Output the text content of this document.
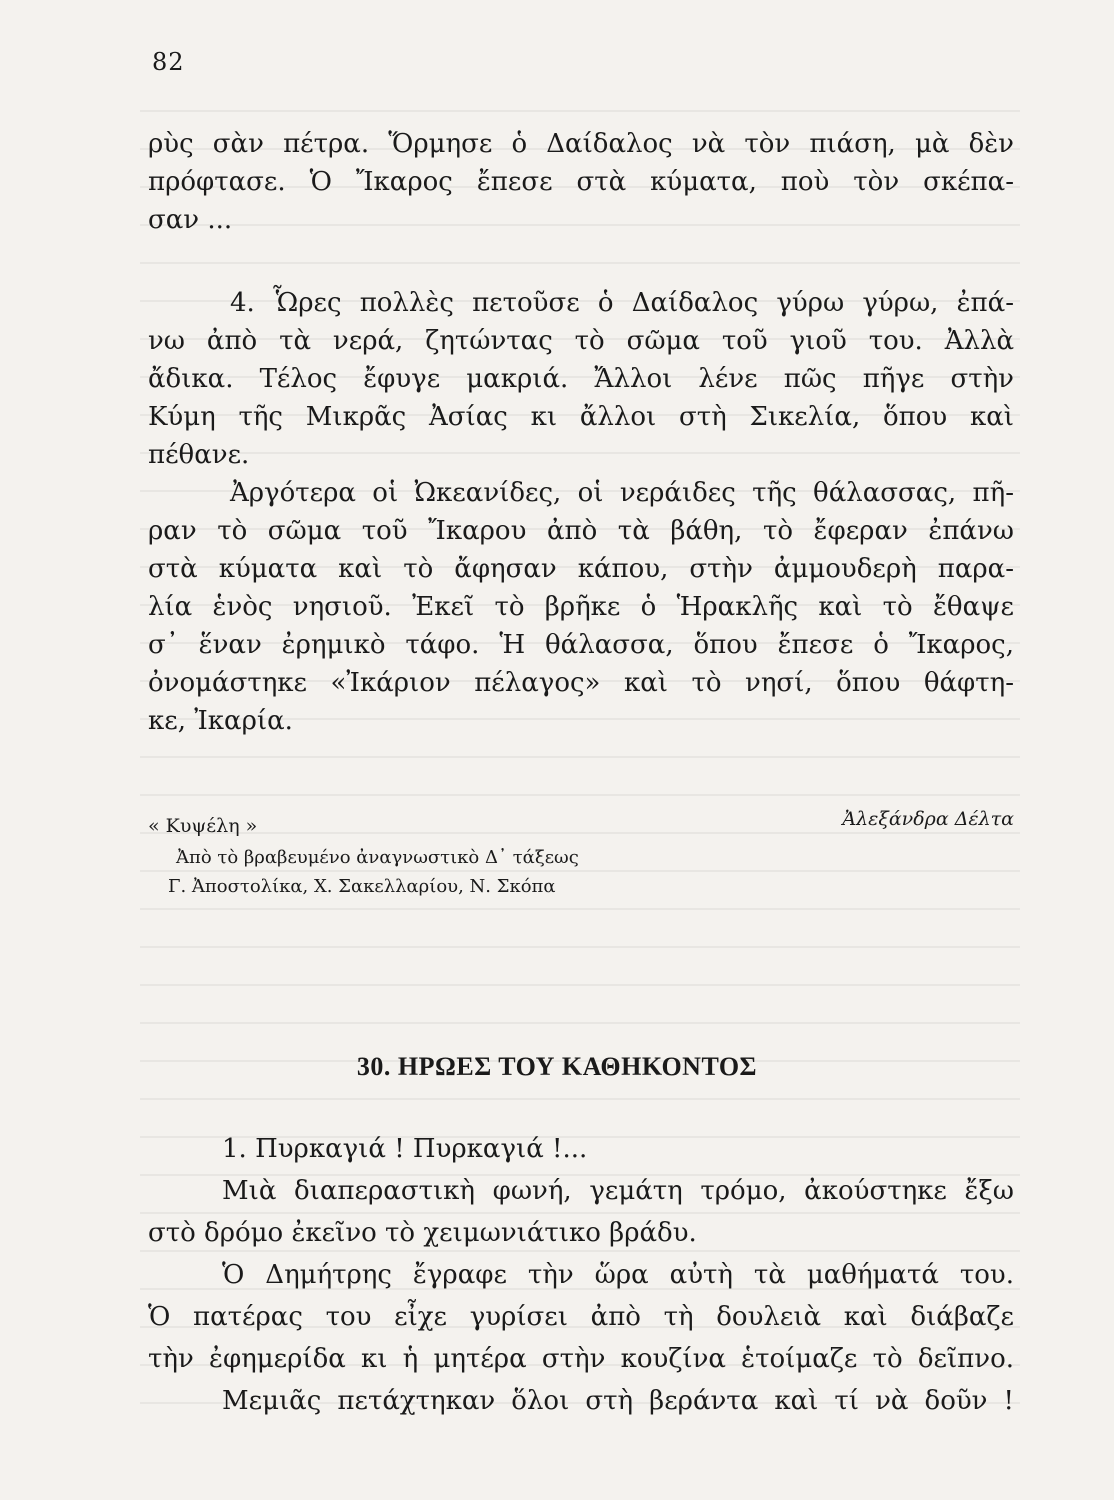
82
ρὺς σὰν πέτρα. Ὅρμησε ὁ Δαίδαλος νὰ τὸν πιάση, μὰ δὲν
πρόφτασε. Ὁ Ἴκαρος ἔπεσε στὰ κύματα, ποὺ τὸν σκέπα-
σαν ...
4. Ὧρες πολλὲς πετοῦσε ὁ Δαίδαλος γύρω γύρω, ἐπά-
νω ἀπὸ τὰ νερά, ζητώντας τὸ σῶμα τοῦ γιοῦ του. Ἀλλὰ
ἄδικα. Τέλος ἔφυγε μακριά. Ἄλλοι λένε πῶς πῆγε στὴν
Κύμη τῆς Μικρᾶς Ἀσίας κι ἄλλοι στὴ Σικελία, ὅπου καὶ
πέθανε.
Ἀργότερα οἱ Ὠκεανίδες, οἱ νεράιδες τῆς θάλασσας, πῆ-
ραν τὸ σῶμα τοῦ Ἴκαρου ἀπὸ τὰ βάθη, τὸ ἔφεραν ἐπάνω
στὰ κύματα καὶ τὸ ἄφησαν κάπου, στὴν ἀμμουδερὴ παρα-
λία ἑνὸς νησιοῦ. Ἐκεῖ τὸ βρῆκε ὁ Ἡρακλῆς καὶ τὸ ἔθαψε
σ᾿ ἕναν ἐρημικὸ τάφο. Ἡ θάλασσα, ὅπου ἔπεσε ὁ Ἴκαρος,
ὀνομάστηκε «Ἰκάριον πέλαγος» καὶ τὸ νησί, ὅπου θάφτη-
κε, Ἰκαρία.
« Κυψέλη »	Ἀλεξάνδρα Δέλτα
Ἀπὸ τὸ βραβευμένο ἀναγνωστικὸ Δ᾿ τάξεως
Γ. Ἀποστολίκα, Χ. Σακελλαρίου, Ν. Σκόπα
30. ΗΡΩΕΣ ΤΟΥ ΚΑΘΗΚΟΝΤΟΣ
1. Πυρκαγιά ! Πυρκαγιά !...
Μιὰ διαπεραστικὴ φωνή, γεμάτη τρόμο, ἀκούστηκε ἔξω
στὸ δρόμο ἐκεῖνο τὸ χειμωνιάτικο βράδυ.
Ὁ Δημήτρης ἔγραφε τὴν ὥρα αὐτὴ τὰ μαθήματά του.
Ὁ πατέρας του εἶχε γυρίσει ἀπὸ τὴ δουλειὰ καὶ διάβαζε
τὴν ἐφημερίδα κι ἡ μητέρα στὴν κουζίνα ἑτοίμαζε τὸ δεῖπνο.
Μεμιᾶς πετάχτηκαν ὅλοι στὴ βεράντα καὶ τί νὰ δοῦν !
